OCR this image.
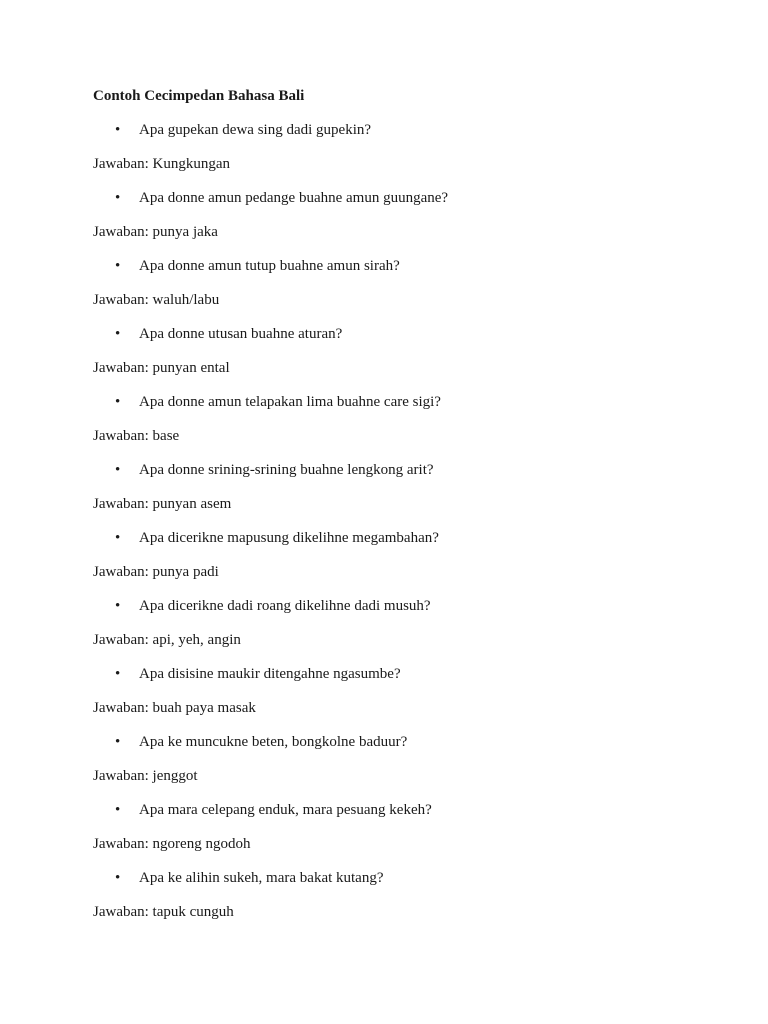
Contoh Cecimpedan Bahasa Bali
• Apa gupekan dewa sing dadi gupekin?
Jawaban: Kungkungan
• Apa donne amun pedange buahne amun guungane?
Jawaban: punya jaka
• Apa donne amun tutup buahne amun sirah?
Jawaban: waluh/labu
• Apa donne utusan buahne aturan?
Jawaban: punyan ental
• Apa donne amun telapakan lima buahne care sigi?
Jawaban: base
• Apa donne srining-srining buahne lengkong arit?
Jawaban: punyan asem
• Apa dicerikne mapusung dikelihne megambahan?
Jawaban: punya padi
• Apa dicerikne dadi roang dikelihne dadi musuh?
Jawaban: api, yeh, angin
• Apa disisine maukir ditengahne ngasumbe?
Jawaban: buah paya masak
• Apa ke muncukne beten, bongkolne baduur?
Jawaban: jenggot
• Apa mara celepang enduk, mara pesuang kekeh?
Jawaban: ngoreng ngodoh
• Apa ke alihin sukeh, mara bakat kutang?
Jawaban: tapuk cunguh
